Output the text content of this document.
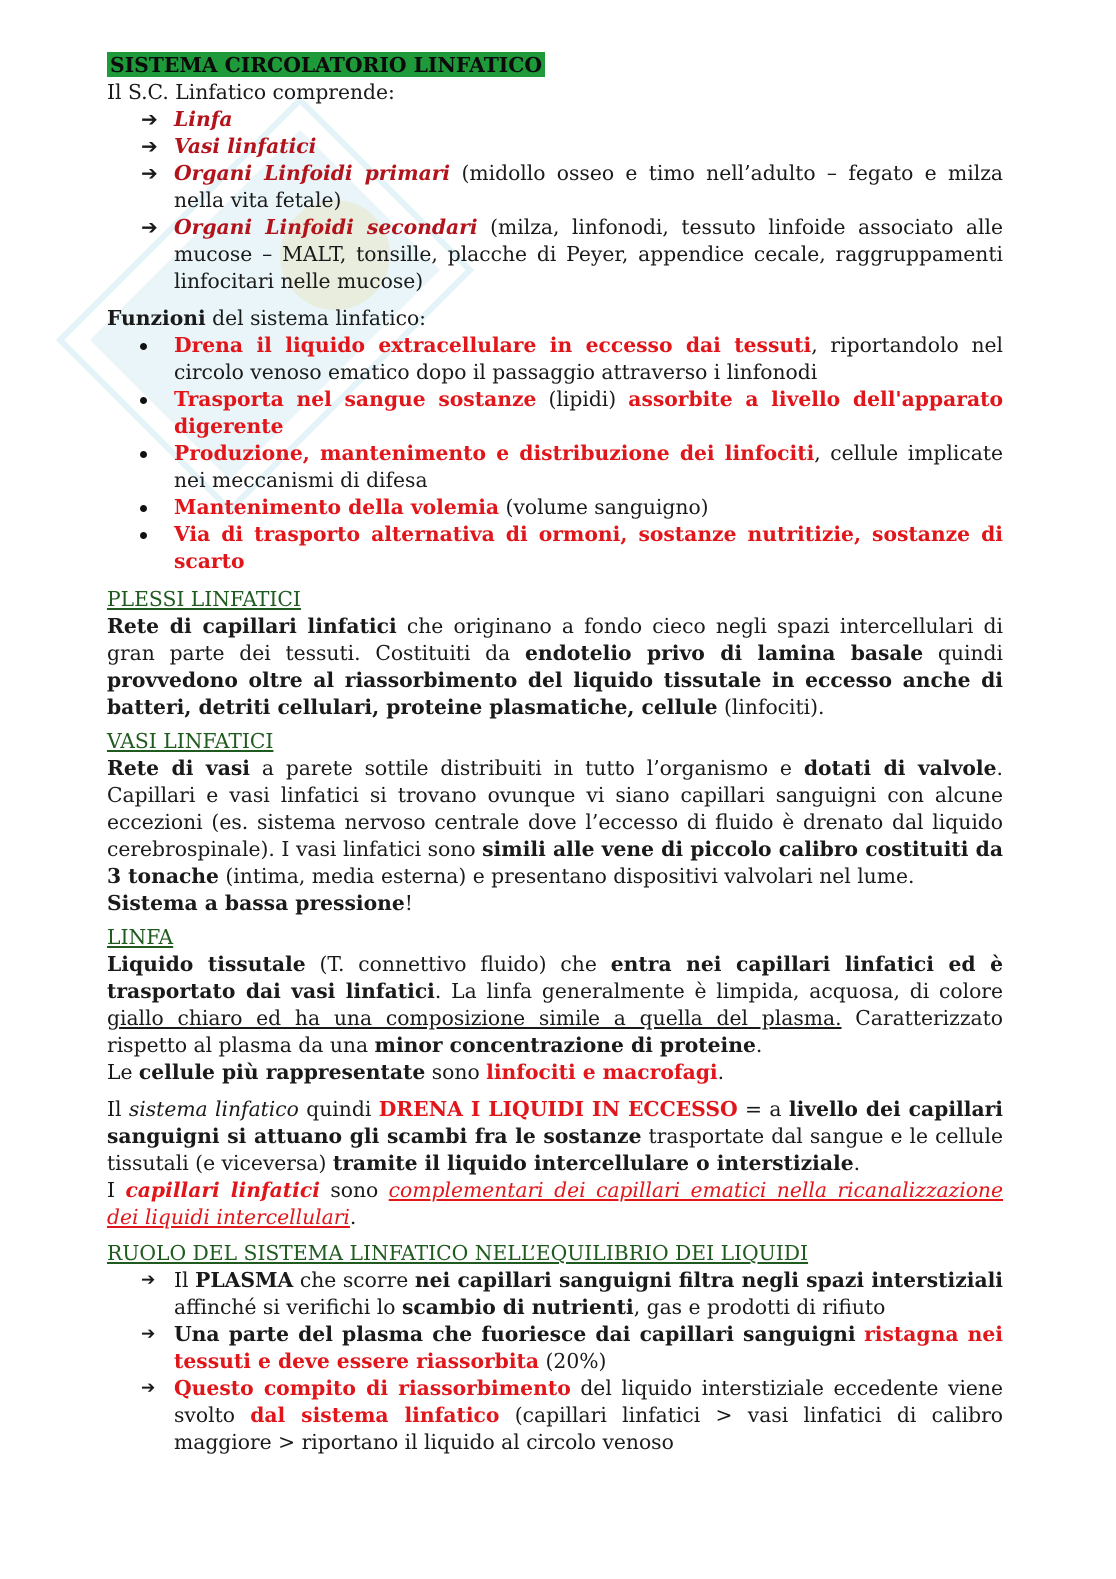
SISTEMA CIRCOLATORIO LINFATICO

Il S.C. Linfatico comprende:

➔ Linfa
➔ Vasi linfatici
➔ Organi Linfoidi primari (midollo osseo e timo nell’adulto – fegato e milza nella vita fetale)
➔ Organi Linfoidi secondari (milza, linfonodi, tessuto linfoide associato alle mucose – MALT, tonsille, placche di Peyer, appendice cecale, raggruppamenti linfocitari nelle mucose)

Funzioni del sistema linfatico:

Drena il liquido extracellulare in eccesso dai tessuti, riportandolo nel circolo venoso ematico dopo il passaggio attraverso i linfonodi
Trasporta nel sangue sostanze (lipidi) assorbite a livello dell'apparato digerente
Produzione, mantenimento e distribuzione dei linfociti, cellule implicate nei meccanismi di difesa
Mantenimento della volemia (volume sanguigno)
Via di trasporto alternativa di ormoni, sostanze nutritizie, sostanze di scarto

PLESSI LINFATICI

Rete di capillari linfatici che originano a fondo cieco negli spazi intercellulari di gran parte dei tessuti. Costituiti da endotelio privo di lamina basale quindi provvedono oltre al riassorbimento del liquido tissutale in eccesso anche di batteri, detriti cellulari, proteine plasmatiche, cellule (linfociti).

VASI LINFATICI

Rete di vasi a parete sottile distribuiti in tutto l’organismo e dotati di valvole. Capillari e vasi linfatici si trovano ovunque vi siano capillari sanguigni con alcune eccezioni (es. sistema nervoso centrale dove l’eccesso di fluido è drenato dal liquido cerebrospinale). I vasi linfatici sono simili alle vene di piccolo calibro costituiti da 3 tonache (intima, media esterna) e presentano dispositivi valvolari nel lume.

Sistema a bassa pressione!

LINFA

Liquido tissutale (T. connettivo fluido) che entra nei capillari linfatici ed è trasportato dai vasi linfatici. La linfa generalmente è limpida, acquosa, di colore giallo chiaro ed ha una composizione simile a quella del plasma. Caratterizzato rispetto al plasma da una minor concentrazione di proteine.

Le cellule più rappresentate sono linfociti e macrofagi.

Il sistema linfatico quindi DRENA I LIQUIDI IN ECCESSO = a livello dei capillari sanguigni si attuano gli scambi fra le sostanze trasportate dal sangue e le cellule tissutali (e viceversa) tramite il liquido intercellulare o interstiziale.

I capillari linfatici sono complementari dei capillari ematici nella ricanalizzazione dei liquidi intercellulari.

RUOLO DEL SISTEMA LINFATICO NELL’EQUILIBRIO DEI LIQUIDI

➔ Il PLASMA che scorre nei capillari sanguigni filtra negli spazi interstiziali affinché si verifichi lo scambio di nutrienti, gas e prodotti di rifiuto
➔ Una parte del plasma che fuoriesce dai capillari sanguigni ristagna nei tessuti e deve essere riassorbita (20%)
➔ Questo compito di riassorbimento del liquido interstiziale eccedente viene svolto dal sistema linfatico (capillari linfatici > vasi linfatici di calibro maggiore > riportano il liquido al circolo venoso
